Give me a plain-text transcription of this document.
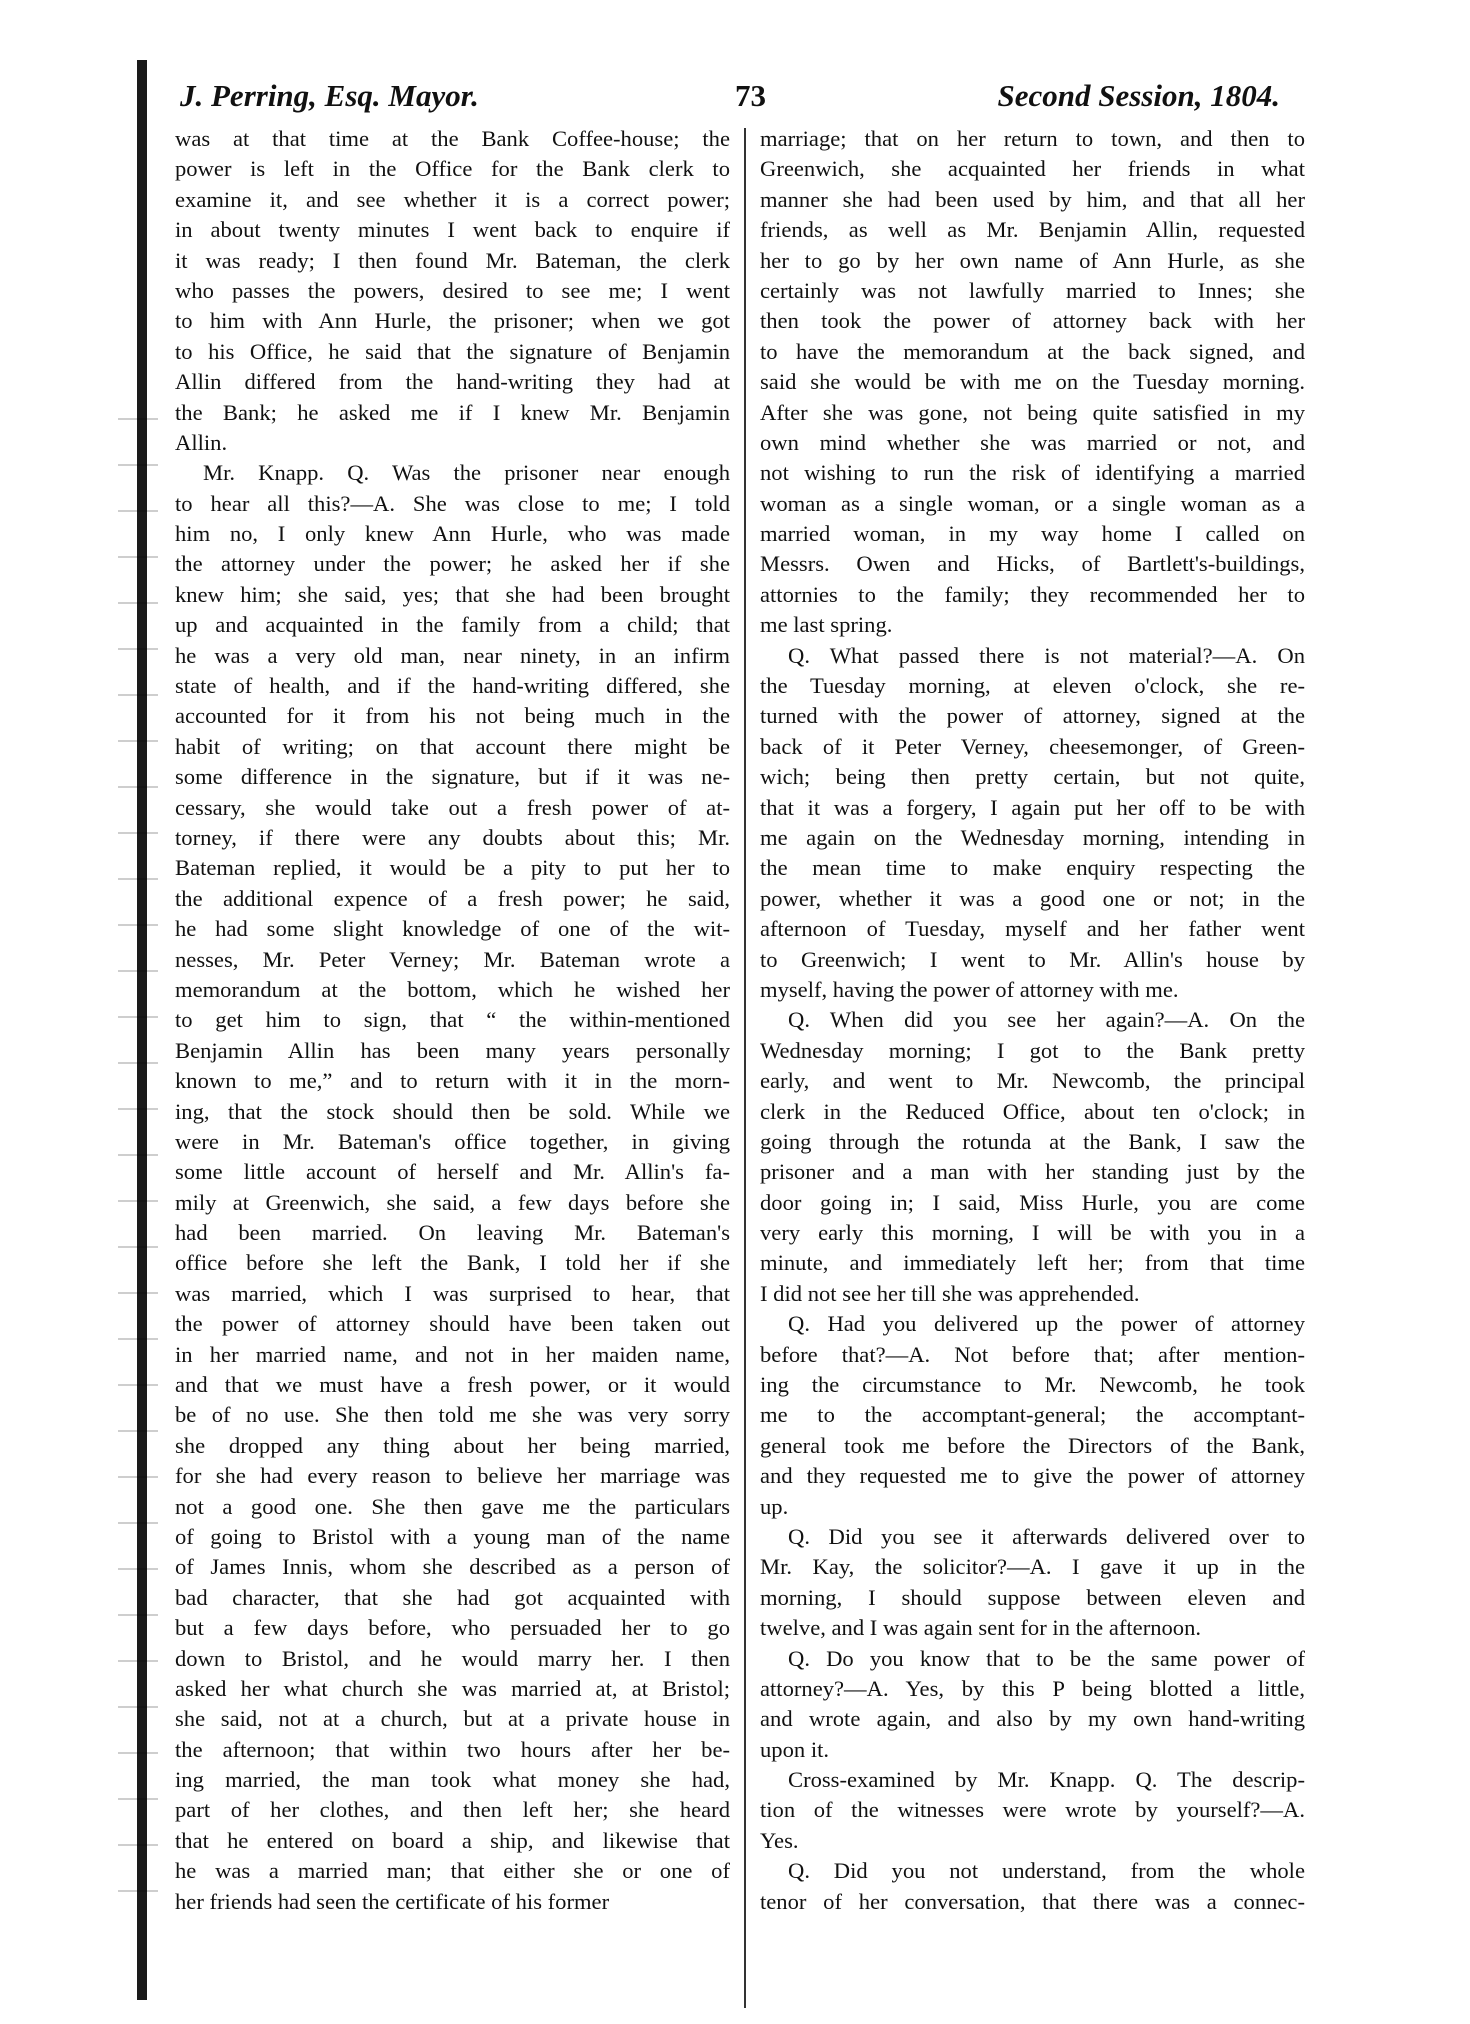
J. Perring, Esq. Mayor.	73	Second Session, 1804.
was at that time at the Bank Coffee-house; the
power is left in the Office for the Bank clerk to
examine it, and see whether it is a correct power;
in about twenty minutes I went back to enquire if
it was ready; I then found Mr. Bateman, the clerk
who passes the powers, desired to see me; I went
to him with Ann Hurle, the prisoner; when we got
to his Office, he said that the signature of Benjamin
Allin differed from the hand-writing they had at
the Bank; he asked me if I knew Mr. Benjamin
Allin.
Mr. Knapp. Q. Was the prisoner near enough
to hear all this?—A. She was close to me; I told
him no, I only knew Ann Hurle, who was made
the attorney under the power; he asked her if she
knew him; she said, yes; that she had been brought
up and acquainted in the family from a child; that
he was a very old man, near ninety, in an infirm
state of health, and if the hand-writing differed, she
accounted for it from his not being much in the
habit of writing; on that account there might be
some difference in the signature, but if it was ne-
cessary, she would take out a fresh power of at-
torney, if there were any doubts about this; Mr.
Bateman replied, it would be a pity to put her to
the additional expence of a fresh power; he said,
he had some slight knowledge of one of the wit-
nesses, Mr. Peter Verney; Mr. Bateman wrote a
memorandum at the bottom, which he wished her
to get him to sign, that “ the within-mentioned
Benjamin Allin has been many years personally
known to me,” and to return with it in the morn-
ing, that the stock should then be sold. While we
were in Mr. Bateman's office together, in giving
some little account of herself and Mr. Allin's fa-
mily at Greenwich, she said, a few days before she
had been married. On leaving Mr. Bateman's
office before she left the Bank, I told her if she
was married, which I was surprised to hear, that
the power of attorney should have been taken out
in her married name, and not in her maiden name,
and that we must have a fresh power, or it would
be of no use. She then told me she was very sorry
she dropped any thing about her being married,
for she had every reason to believe her marriage was
not a good one. She then gave me the particulars
of going to Bristol with a young man of the name
of James Innis, whom she described as a person of
bad character, that she had got acquainted with
but a few days before, who persuaded her to go
down to Bristol, and he would marry her. I then
asked her what church she was married at, at Bristol;
she said, not at a church, but at a private house in
the afternoon; that within two hours after her be-
ing married, the man took what money she had,
part of her clothes, and then left her; she heard
that he entered on board a ship, and likewise that
he was a married man; that either she or one of
her friends had seen the certificate of his former
marriage; that on her return to town, and then to
Greenwich, she acquainted her friends in what
manner she had been used by him, and that all her
friends, as well as Mr. Benjamin Allin, requested
her to go by her own name of Ann Hurle, as she
certainly was not lawfully married to Innes; she
then took the power of attorney back with her
to have the memorandum at the back signed, and
said she would be with me on the Tuesday morning.
After she was gone, not being quite satisfied in my
own mind whether she was married or not, and
not wishing to run the risk of identifying a married
woman as a single woman, or a single woman as a
married woman, in my way home I called on
Messrs. Owen and Hicks, of Bartlett's-buildings,
attornies to the family; they recommended her to
me last spring.
Q. What passed there is not material?—A. On
the Tuesday morning, at eleven o'clock, she re-
turned with the power of attorney, signed at the
back of it Peter Verney, cheesemonger, of Green-
wich; being then pretty certain, but not quite,
that it was a forgery, I again put her off to be with
me again on the Wednesday morning, intending in
the mean time to make enquiry respecting the
power, whether it was a good one or not; in the
afternoon of Tuesday, myself and her father went
to Greenwich; I went to Mr. Allin's house by
myself, having the power of attorney with me.
Q. When did you see her again?—A. On the
Wednesday morning; I got to the Bank pretty
early, and went to Mr. Newcomb, the principal
clerk in the Reduced Office, about ten o'clock; in
going through the rotunda at the Bank, I saw the
prisoner and a man with her standing just by the
door going in; I said, Miss Hurle, you are come
very early this morning, I will be with you in a
minute, and immediately left her; from that time
I did not see her till she was apprehended.
Q. Had you delivered up the power of attorney
before that?—A. Not before that; after mention-
ing the circumstance to Mr. Newcomb, he took
me to the accomptant-general; the accomptant-
general took me before the Directors of the Bank,
and they requested me to give the power of attorney
up.
Q. Did you see it afterwards delivered over to
Mr. Kay, the solicitor?—A. I gave it up in the
morning, I should suppose between eleven and
twelve, and I was again sent for in the afternoon.
Q. Do you know that to be the same power of
attorney?—A. Yes, by this P being blotted a little,
and wrote again, and also by my own hand-writing
upon it.
Cross-examined by Mr. Knapp. Q. The descrip-
tion of the witnesses were wrote by yourself?—A.
Yes.
Q. Did you not understand, from the whole
tenor of her conversation, that there was a connec-
